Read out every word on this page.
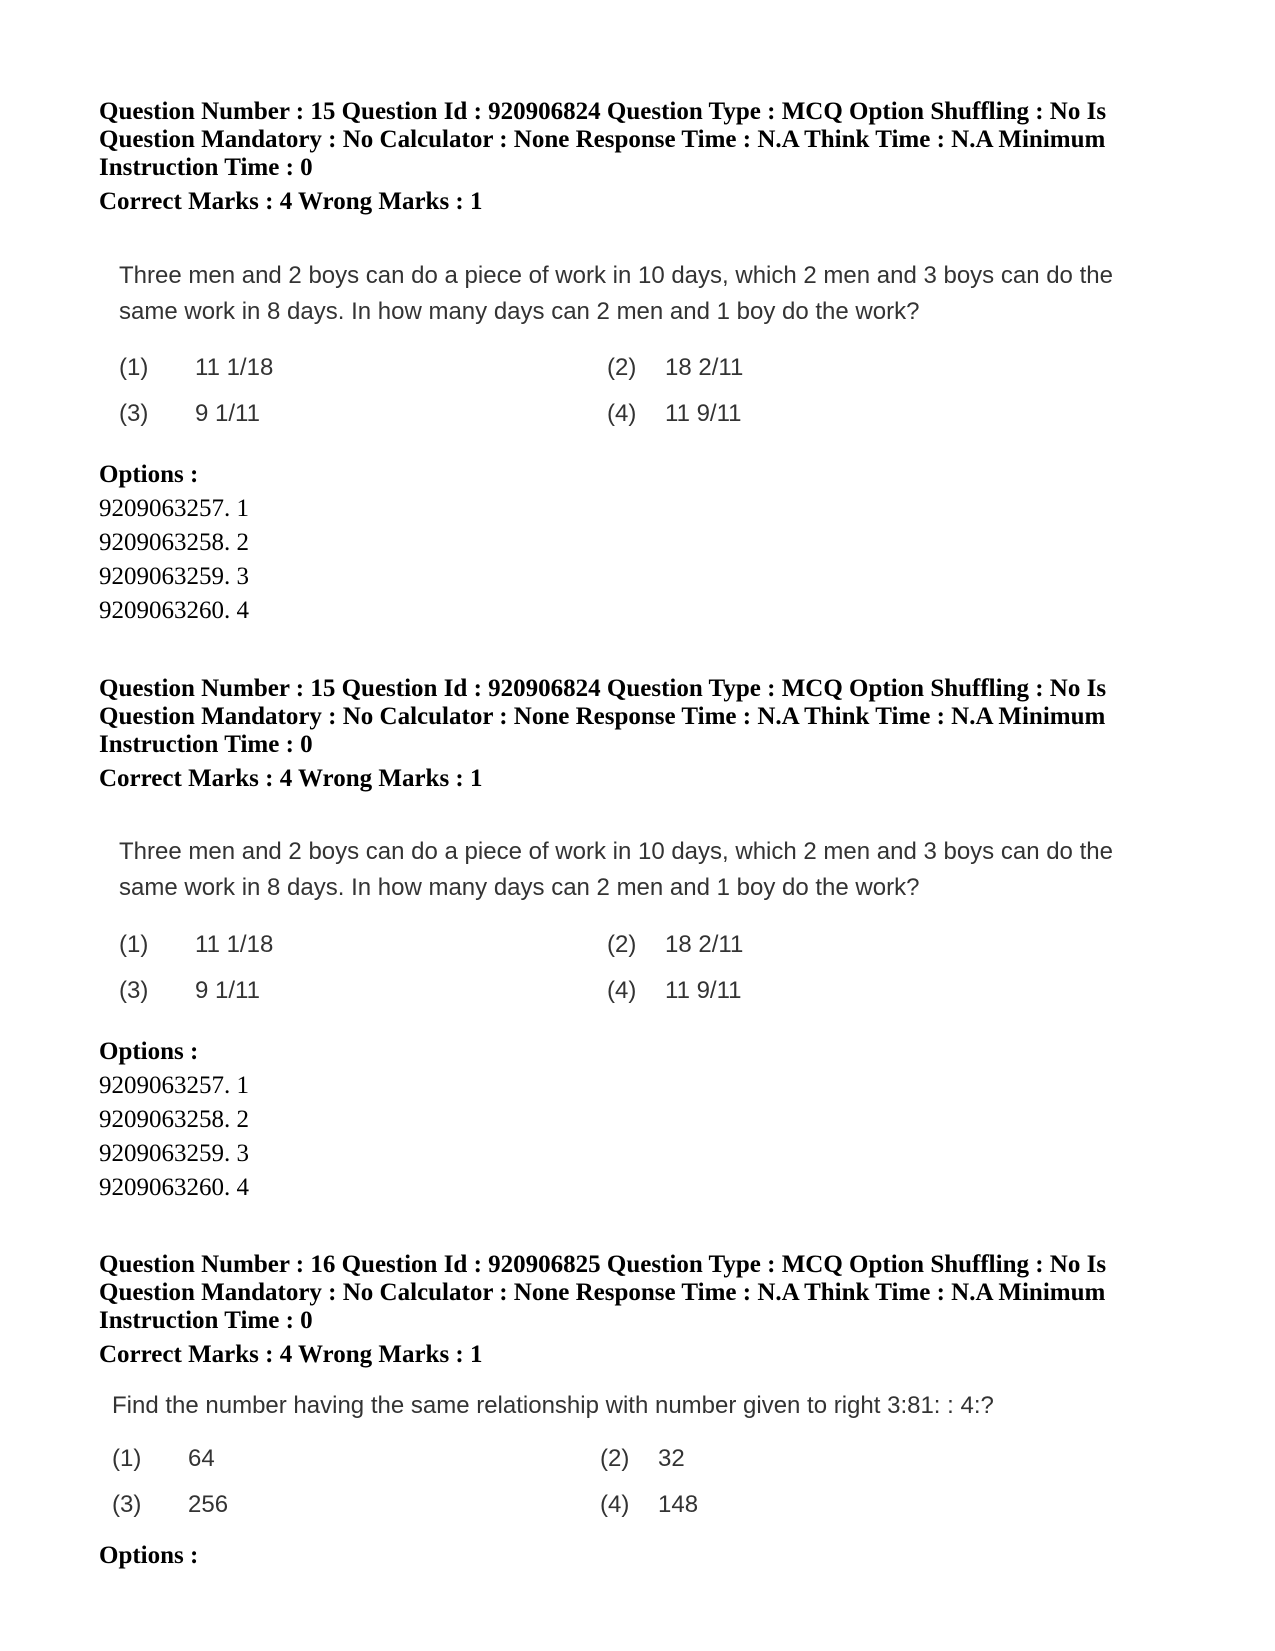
Question Number : 15 Question Id : 920906824 Question Type : MCQ Option Shuffling : No Is Question Mandatory : No Calculator : None Response Time : N.A Think Time : N.A Minimum Instruction Time : 0

Correct Marks : 4 Wrong Marks : 1
Three men and 2 boys can do a piece of work in 10 days, which 2 men and 3 boys can do the same work in 8 days. In how many days can 2 men and 1 boy do the work?
(1) 11 1/18	(2) 18 2/11
(3) 9 1/11	(4) 11 9/11
Options :
9209063257. 1
9209063258. 2
9209063259. 3
9209063260. 4

Question Number : 15 Question Id : 920906824 Question Type : MCQ Option Shuffling : No Is Question Mandatory : No Calculator : None Response Time : N.A Think Time : N.A Minimum Instruction Time : 0

Correct Marks : 4 Wrong Marks : 1
Three men and 2 boys can do a piece of work in 10 days, which 2 men and 3 boys can do the same work in 8 days. In how many days can 2 men and 1 boy do the work?
(1) 11 1/18	(2) 18 2/11
(3) 9 1/11	(4) 11 9/11
Options :
9209063257. 1
9209063258. 2
9209063259. 3
9209063260. 4

Question Number : 16 Question Id : 920906825 Question Type : MCQ Option Shuffling : No Is Question Mandatory : No Calculator : None Response Time : N.A Think Time : N.A Minimum Instruction Time : 0

Correct Marks : 4 Wrong Marks : 1
Find the number having the same relationship with number given to right 3:81: : 4:?
(1) 64	(2) 32
(3) 256	(4) 148
Options :
